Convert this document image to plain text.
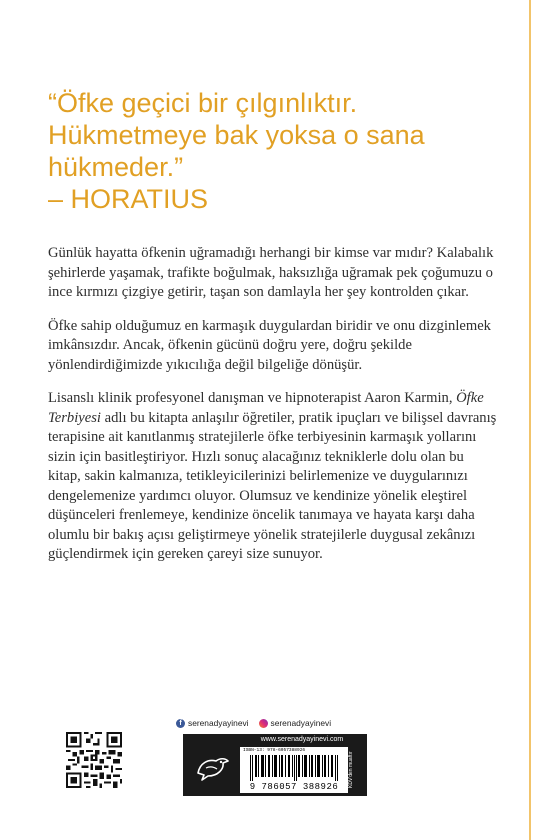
“Öfke geçici bir çılgınlıktır.

Hükmetmeye bak yoksa o sana

hükmeder.”

– HORATIUS

Günlük hayatta öfkenin uğramadığı herhangi bir kimse var mıdır? Kalabalık şehirlerde yaşamak, trafikte boğulmak, haksızlığa uğramak pek çoğumuzu o ince kırmızı çizgiye getirir, taşan son damlayla her şey kontrolden çıkar.

Öfke sahip olduğumuz en karmaşık duygulardan biridir ve onu dizginlemek imkânsızdır. Ancak, öfkenin gücünü doğru yere, doğru şekilde yönlendirdiğimizde yıkıcılığa değil bilgeliğe dönüşür.

Lisanslı klinik profesyonel danışman ve hipnoterapist Aaron Karmin, Öfke Terbiyesi adlı bu kitapta anlaşılır öğretiler, pratik ipuçları ve bilişsel davranış terapisine ait kanıtlanmış stratejilerle öfke terbiyesinin karmaşık yollarını sizin için basitleştiriyor. Hızlı sonuç alacağınız tekniklerle dolu olan bu kitap, sakin kalmanıza, tetikleyicilerinizi belirlemenize ve duygularınızı dengelemenize yardımcı oluyor. Olumsuz ve kendinize yönelik eleştirel düşünceleri frenlemeye, kendinize öncelik tanımaya ve hayata karşı daha olumlu bir bakış açısı geliştirmeye yönelik stratejilerle duygusal zekânızı güçlendirmek için gereken çareyi size sunuyor.

f serenadyayinevi	serenadyayinevi
www.serenadyayinevi.com
ISBN-13: 978-6057388926
9 786057 388926	KDV'den muaftır
